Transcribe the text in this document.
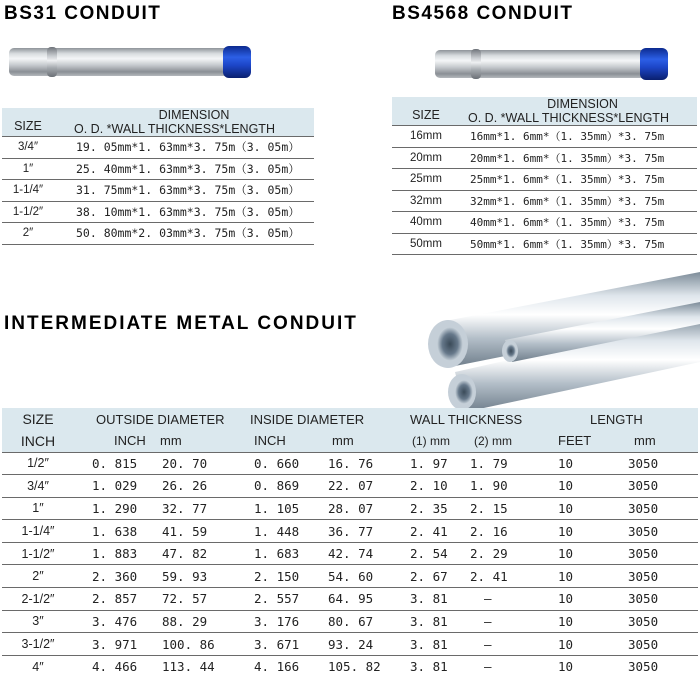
BS31 CONDUIT	BS4568 CONDUIT
INTERMEDIATE METAL CONDUIT
SIZE	DIMENSION
O. D. *WALL THICKNESS*LENGTH

3/4″	19. 05mm*1. 63mm*3. 75m（3. 05m）
1″	25. 40mm*1. 63mm*3. 75m（3. 05m）
1-1/4″	31. 75mm*1. 63mm*3. 75m（3. 05m）
1-1/2″	38. 10mm*1. 63mm*3. 75m（3. 05m）
2″	50. 80mm*2. 03mm*3. 75m（3. 05m）
SIZE	DIMENSION
O. D. *WALL THICKNESS*LENGTH

16mm	16mm*1. 6mm*（1. 35mm）*3. 75m
20mm	20mm*1. 6mm*（1. 35mm）*3. 75m
25mm	25mm*1. 6mm*（1. 35mm）*3. 75m
32mm	32mm*1. 6mm*（1. 35mm）*3. 75m
40mm	40mm*1. 6mm*（1. 35mm）*3. 75m
50mm	50mm*1. 6mm*（1. 35mm）*3. 75m
SIZE	OUTSIDE DIAMETER		INSIDE DIAMETER		WALL THICKNESS		LENGTH	
INCH	INCH	mm	INCH	mm	(1) mm	(2) mm	FEET	mm
1/2″	0. 815	20. 70	0. 660	16. 76	1. 97	1. 79	10	3050
3/4″	1. 029	26. 26	0. 869	22. 07	2. 10	1. 90	10	3050
1″	1. 290	32. 77	1. 105	28. 07	2. 35	2. 15	10	3050
1-1/4″	1. 638	41. 59	1. 448	36. 77	2. 41	2. 16	10	3050
1-1/2″	1. 883	47. 82	1. 683	42. 74	2. 54	2. 29	10	3050
2″	2. 360	59. 93	2. 150	54. 60	2. 67	2. 41	10	3050
2-1/2″	2. 857	72. 57	2. 557	64. 95	3. 81	–	10	3050
3″	3. 476	88. 29	3. 176	80. 67	3. 81	–	10	3050
3-1/2″	3. 971	100. 86	3. 671	93. 24	3. 81	–	10	3050
4″	4. 466	113. 44	4. 166	105. 82	3. 81	–	10	3050
